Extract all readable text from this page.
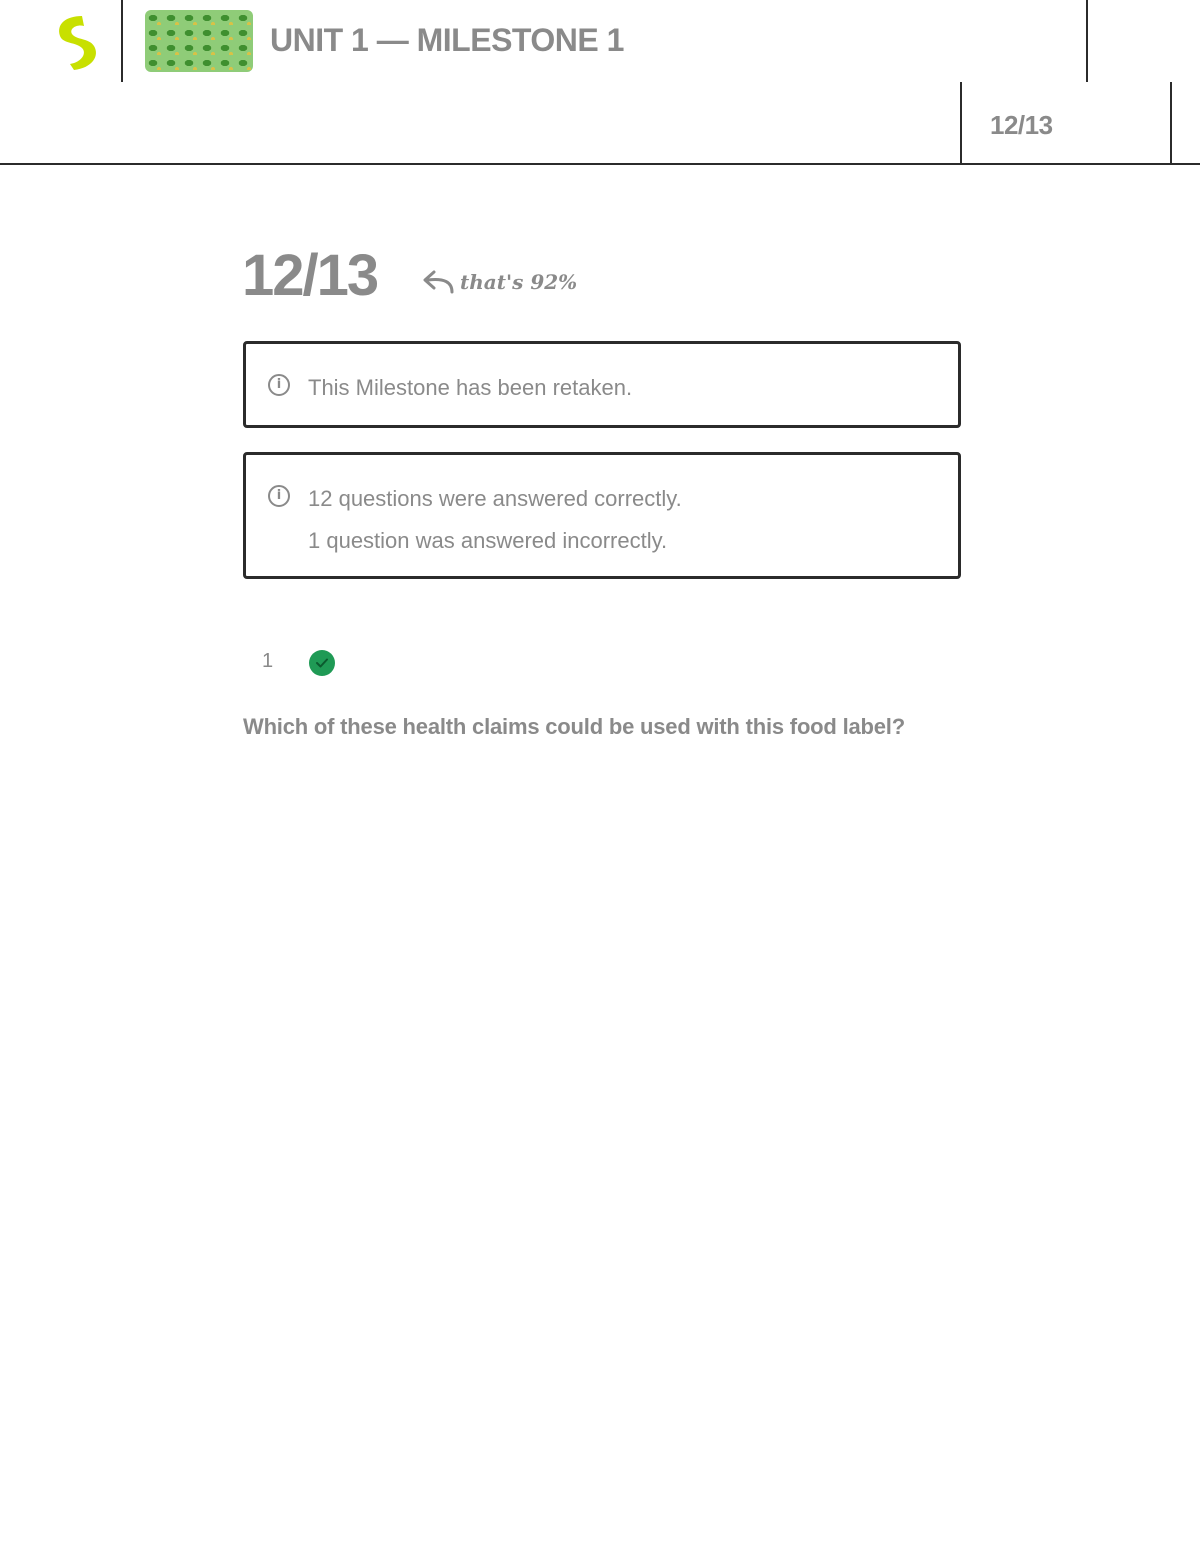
UNIT 1 — MILESTONE 1
12/13
12/13	that's 92%
i	This Milestone has been retaken.
i	12 questions were answered correctly.
1 question was answered incorrectly.
1
Which of these health claims could be used with this food label?
